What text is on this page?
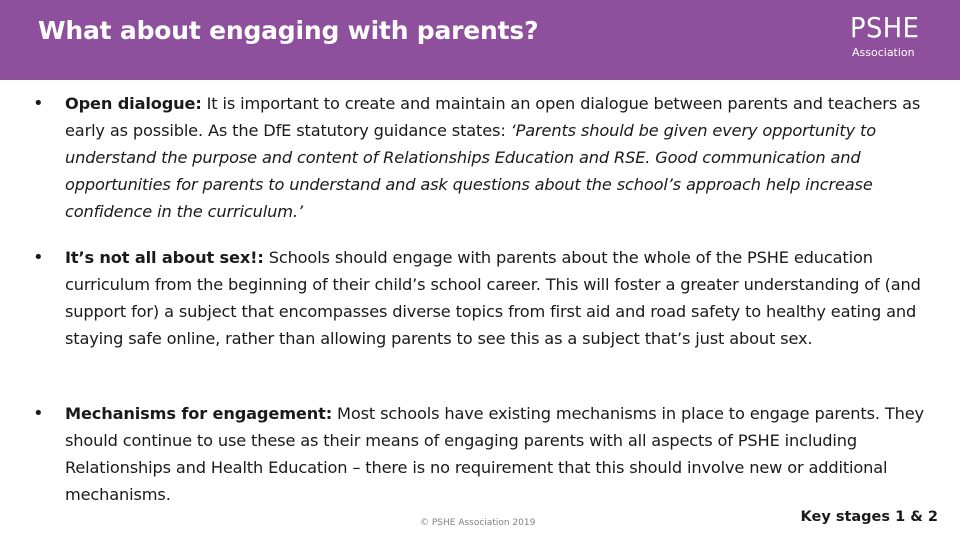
What about engaging with parents?	PSHE
Association
• Open dialogue: It is important to create and maintain an open dialogue between parents and teachers as early as possible. As the DfE statutory guidance states: ‘Parents should be given every opportunity to understand the purpose and content of Relationships Education and RSE. Good communication and opportunities for parents to understand and ask questions about the school’s approach help increase confidence in the curriculum.’
• It’s not all about sex!: Schools should engage with parents about the whole of the PSHE education curriculum from the beginning of their child’s school career. This will foster a greater understanding of (and support for) a subject that encompasses diverse topics from first aid and road safety to healthy eating and staying safe online, rather than allowing parents to see this as a subject that’s just about sex.
• Mechanisms for engagement: Most schools have existing mechanisms in place to engage parents. They should continue to use these as their means of engaging parents with all aspects of PSHE including Relationships and Health Education – there is no requirement that this should involve new or additional mechanisms.
© PSHE Association 2019	Key stages 1 & 2
